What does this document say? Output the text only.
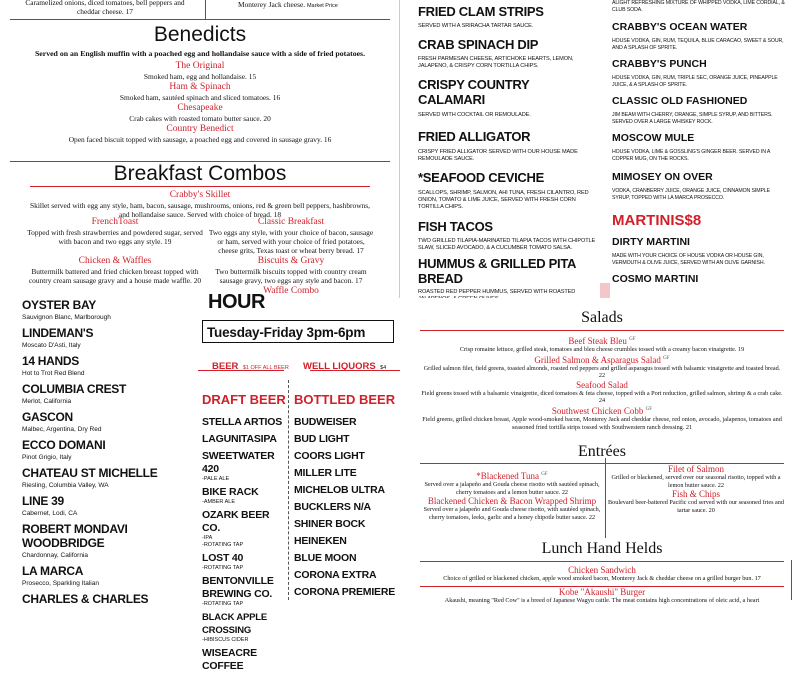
Caramelized onions, diced tomatoes, bell peppers and cheddar cheese. 17
Monterey Jack cheese. Market Price
Benedicts
Served on an English muffin with a poached egg and hollandaise sauce with a side of fried potatoes.
The Original
Smoked ham, egg and hollandaise. 15
Ham & Spinach
Smoked ham, sautéed spinach and sliced tomatoes. 16
Chesapeake
Crab cakes with roasted tomato butter sauce. 20
Country Benedict
Open faced biscuit topped with sausage, a poached egg and covered in sausage gravy. 16
Breakfast Combos
Crabby's Skillet
Skillet served with egg any style, ham, bacon, sausage, mushrooms, onions, red & green bell peppers, hashbrowns, and hollandaise sauce. Served with choice of bread. 18
FrenchToast
Topped with fresh strawberries and powdered sugar, served with bacon and two eggs any style. 19
Chicken & Waffles
Buttermilk battered and fried chicken breast topped with country cream sausage gravy and a house made waffle. 20
Classic Breakfast
Two eggs any style, with your choice of bacon, sausage or ham, served with your choice of fried potatoes, cheese grits, Texas toast or wheat berry bread. 17
Biscuits & Gravy
Two buttermilk biscuits topped with country cream sausage gravy, two eggs any style and bacon. 17
Waffle Combo
FRIED CLAM STRIPS
SERVED WITH A SRIRACHA TARTAR SAUCE.
CRAB SPINACH DIP
FRESH PARMESAN CHEESE, ARTICHOKE HEARTS, LEMON, JALAPENO, & CRISPY CORN TORTILLA CHIPS.
CRISPY COUNTRY CALAMARI
SERVED WITH COCKTAIL OR REMOULADE.
FRIED ALLIGATOR
CRISPY FRIED ALLIGATOR SERVED WITH OUR HOUSE MADE REMOULADE SAUCE.
*SEAFOOD CEVICHE
SCALLOPS, SHRIMP, SALMON, AHI TUNA, FRESH CILANTRO, RED ONION, TOMATO & LIME JUICE, SERVED WITH FRESH CORN TORTILLA CHIPS.
FISH TACOS
TWO GRILLED TILAPIA-MARINATED TILAPIA TACOS WITH CHIPOTLE SLAW, SLICED AVOCADO, & A CUCUMBER TOMATO SALSA.
HUMMUS & GRILLED PITA BREAD
ROASTED RED PEPPER HUMMUS, SERVED WITH ROASTED
ALIGHT REFRESHING MIXTURE OF WHIPPED VODKA, LIME CORDIAL, & CLUB SODA.
CRABBY'S OCEAN WATER
HOUSE VODKA, GIN, RUM, TEQUILA, BLUE CARACAO, SWEET & SOUR, AND A SPLASH OF SPRITE.
CRABBY'S PUNCH
HOUSE VODKA, GIN, RUM, TRIPLE SEC, ORANGE JUICE, PINEAPPLE JUICE, & A SPLASH OF SPRITE.
CLASSIC OLD FASHIONED
JIM BEAM WITH CHERRY, ORANGE, SIMPLE SYRUP, AND BITTERS. SERVED OVER A LARGE WHISKEY ROCK.
MOSCOW MULE
HOUSE VODKA, LIME & GOSSLING'S GINGER BEER. SERVED IN A COPPER MUG, ON THE ROCKS.
MIMOSEY ON OVER
VODKA, CRANBERRY JUICE, ORANGE JUICE, CINNAMON SIMPLE SYRUP, TOPPED WITH LA MARCA PROSECCO.
MARTINIS$8
DIRTY MARTINI
MADE WITH YOUR CHOICE OF HOUSE VODKA OR HOUSE GIN, VERMOUTH & OLIVE JUICE, SERVED WITH AN OLIVE GARNISH.
COSMO MARTINI
OYSTER BAY
Sauvignon Blanc, Marlborough
LINDEMAN'S
Moscato D'Asti, Italy
14 HANDS
Hot to Trot Red Blend
COLUMBIA CREST
Merlot, California
GASCON
Malbec, Argentina, Dry Red
ECCO DOMANI
Pinot Grigio, Italy
CHATEAU ST MICHELLE
Riesling, Columbia Valley, WA
LINE 39
Cabernet, Lodi, CA
ROBERT MONDAVI WOODBRIDGE
Chardonnay, California
LA MARCA
Prosecco, Sparkling Italian
CHARLES & CHARLES
HOUR
Tuesday-Friday 3pm-6pm
BEER $1 OFF ALL BEER WELL LIQUORS $4
DRAFT BEER
STELLA ARTIOS
LAGUNITASIPA
SWEETWATER 420
-PALE ALE
BIKE RACK
-AMBER ALE
OZARK BEER CO.
-IPA
-ROTATING TAP
LOST 40
-ROTATING TAP
BENTONVILLE BREWING CO.
-ROTATING TAP
BLACK APPLE CROSSING
-HIBISCUS CIDER
WISEACRE COFFEE
BOTTLED BEER
BUDWEISER
BUD LIGHT
COORS LIGHT
MILLER LITE
MICHELOB ULTRA
BUCKLERS N/A
SHINER BOCK
HEINEKEN
BLUE MOON
CORONA EXTRA
CORONA PREMIERE
Salads
Beef Steak Bleu $^{GF}$
Crisp romaine lettuce, grilled steak, tomatoes and bleu cheese crumbles tossed with a creamy bacon vinaigrette. 19
Grilled Salmon & Asparagus Salad $^{GF}$
Grilled salmon filet, field greens, toasted almonds, roasted red peppers and grilled asparagus tossed with balsamic vinaigrette and toasted bread. 22
Seafood Salad
Field greens tossed with a balsamic vinaigrette, diced tomatoes & feta cheese, topped with a Port reduction, grilled salmon, shrimp & a crab cake. 24
Southwest Chicken Cobb $^{GF}$
Field greens, grilled chicken breast, Apple wood-smoked bacon, Monterey Jack and cheddar cheese, red onion, avocado, jalapenos, tomatoes and seasoned fried tortilla strips tossed with Southwestern ranch dressing. 21
Entrées
*Blackened Tuna $^{GF}$
Served over a jalapeño and Gouda cheese risotto with sautéed spinach, cherry tomatoes and a lemon butter sauce. 22
Blackened Chicken & Bacon Wrapped Shrimp
Served over a jalapeño and Gouda cheese risotto, with sautéed spinach, cherry tomatoes, leeks, garlic and a honey chipotle butter sauce. 22
Filet of Salmon
Grilled or blackened, served over our seasonal risotto, topped with a lemon butter sauce. 22
Fish & Chips
Boulevard beer-battered Pacific cod served with our seasoned fries and tartar sauce. 20
Lunch Hand Helds
Chicken Sandwich
Choice of grilled or blackened chicken, apple wood smoked bacon, Monterey Jack & cheddar cheese on a grilled burger bun. 17
Kobe "Akaushi" Burger
Akaushi, meaning "Red Cow" is a breed of Japanese Wagyu cattle. The meat contains high concentrations of oleic acid, a heart
